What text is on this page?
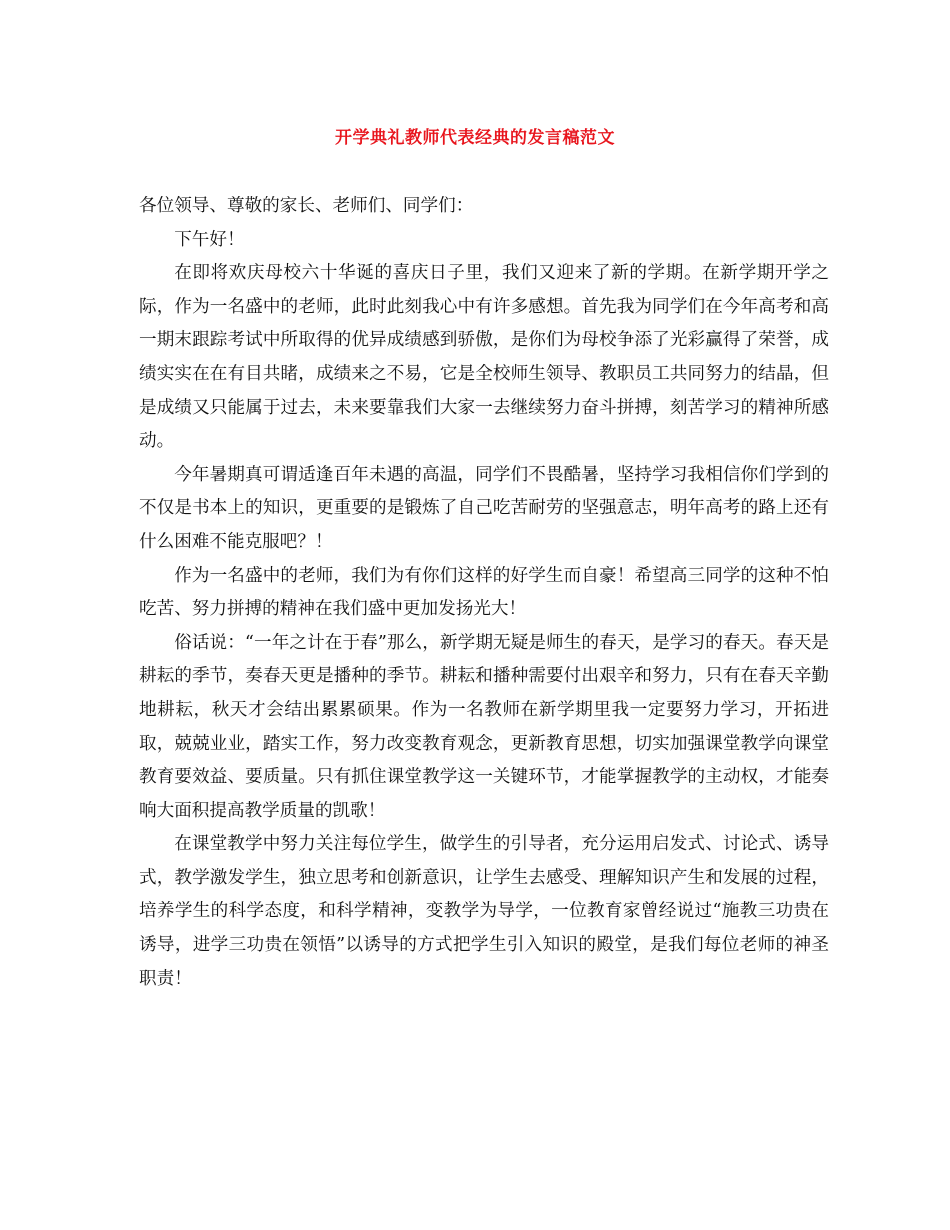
开学典礼教师代表经典的发言稿范文

各位领导、尊敬的家长、老师们、同学们：

下午好！

在即将欢庆母校六十华诞的喜庆日子里，我们又迎来了新的学期。在新学期开学之际，作为一名盛中的老师，此时此刻我心中有许多感想。首先我为同学们在今年高考和高一期末跟踪考试中所取得的优异成绩感到骄傲，是你们为母校争添了光彩赢得了荣誉，成绩实实在在有目共睹，成绩来之不易，它是全校师生领导、教职员工共同努力的结晶，但是成绩又只能属于过去，未来要靠我们大家一去继续努力奋斗拼搏，刻苦学习的精神所感动。

今年暑期真可谓适逢百年未遇的高温，同学们不畏酷暑，坚持学习我相信你们学到的不仅是书本上的知识，更重要的是锻炼了自己吃苦耐劳的坚强意志，明年高考的路上还有什么困难不能克服吧？！

作为一名盛中的老师，我们为有你们这样的好学生而自豪！希望高三同学的这种不怕吃苦、努力拼搏的精神在我们盛中更加发扬光大！

俗话说：“一年之计在于春”那么，新学期无疑是师生的春天，是学习的春天。春天是耕耘的季节，奏春天更是播种的季节。耕耘和播种需要付出艰辛和努力，只有在春天辛勤地耕耘，秋天才会结出累累硕果。作为一名教师在新学期里我一定要努力学习，开拓进取，兢兢业业，踏实工作，努力改变教育观念，更新教育思想，切实加强课堂教学向课堂教育要效益、要质量。只有抓住课堂教学这一关键环节，才能掌握教学的主动权，才能奏响大面积提高教学质量的凯歌！

在课堂教学中努力关注每位学生，做学生的引导者，充分运用启发式、讨论式、诱导式，教学激发学生，独立思考和创新意识，让学生去感受、理解知识产生和发展的过程，培养学生的科学态度，和科学精神，变教学为导学，一位教育家曾经说过“施教三功贵在诱导，进学三功贵在领悟”以诱导的方式把学生引入知识的殿堂，是我们每位老师的神圣职责！
